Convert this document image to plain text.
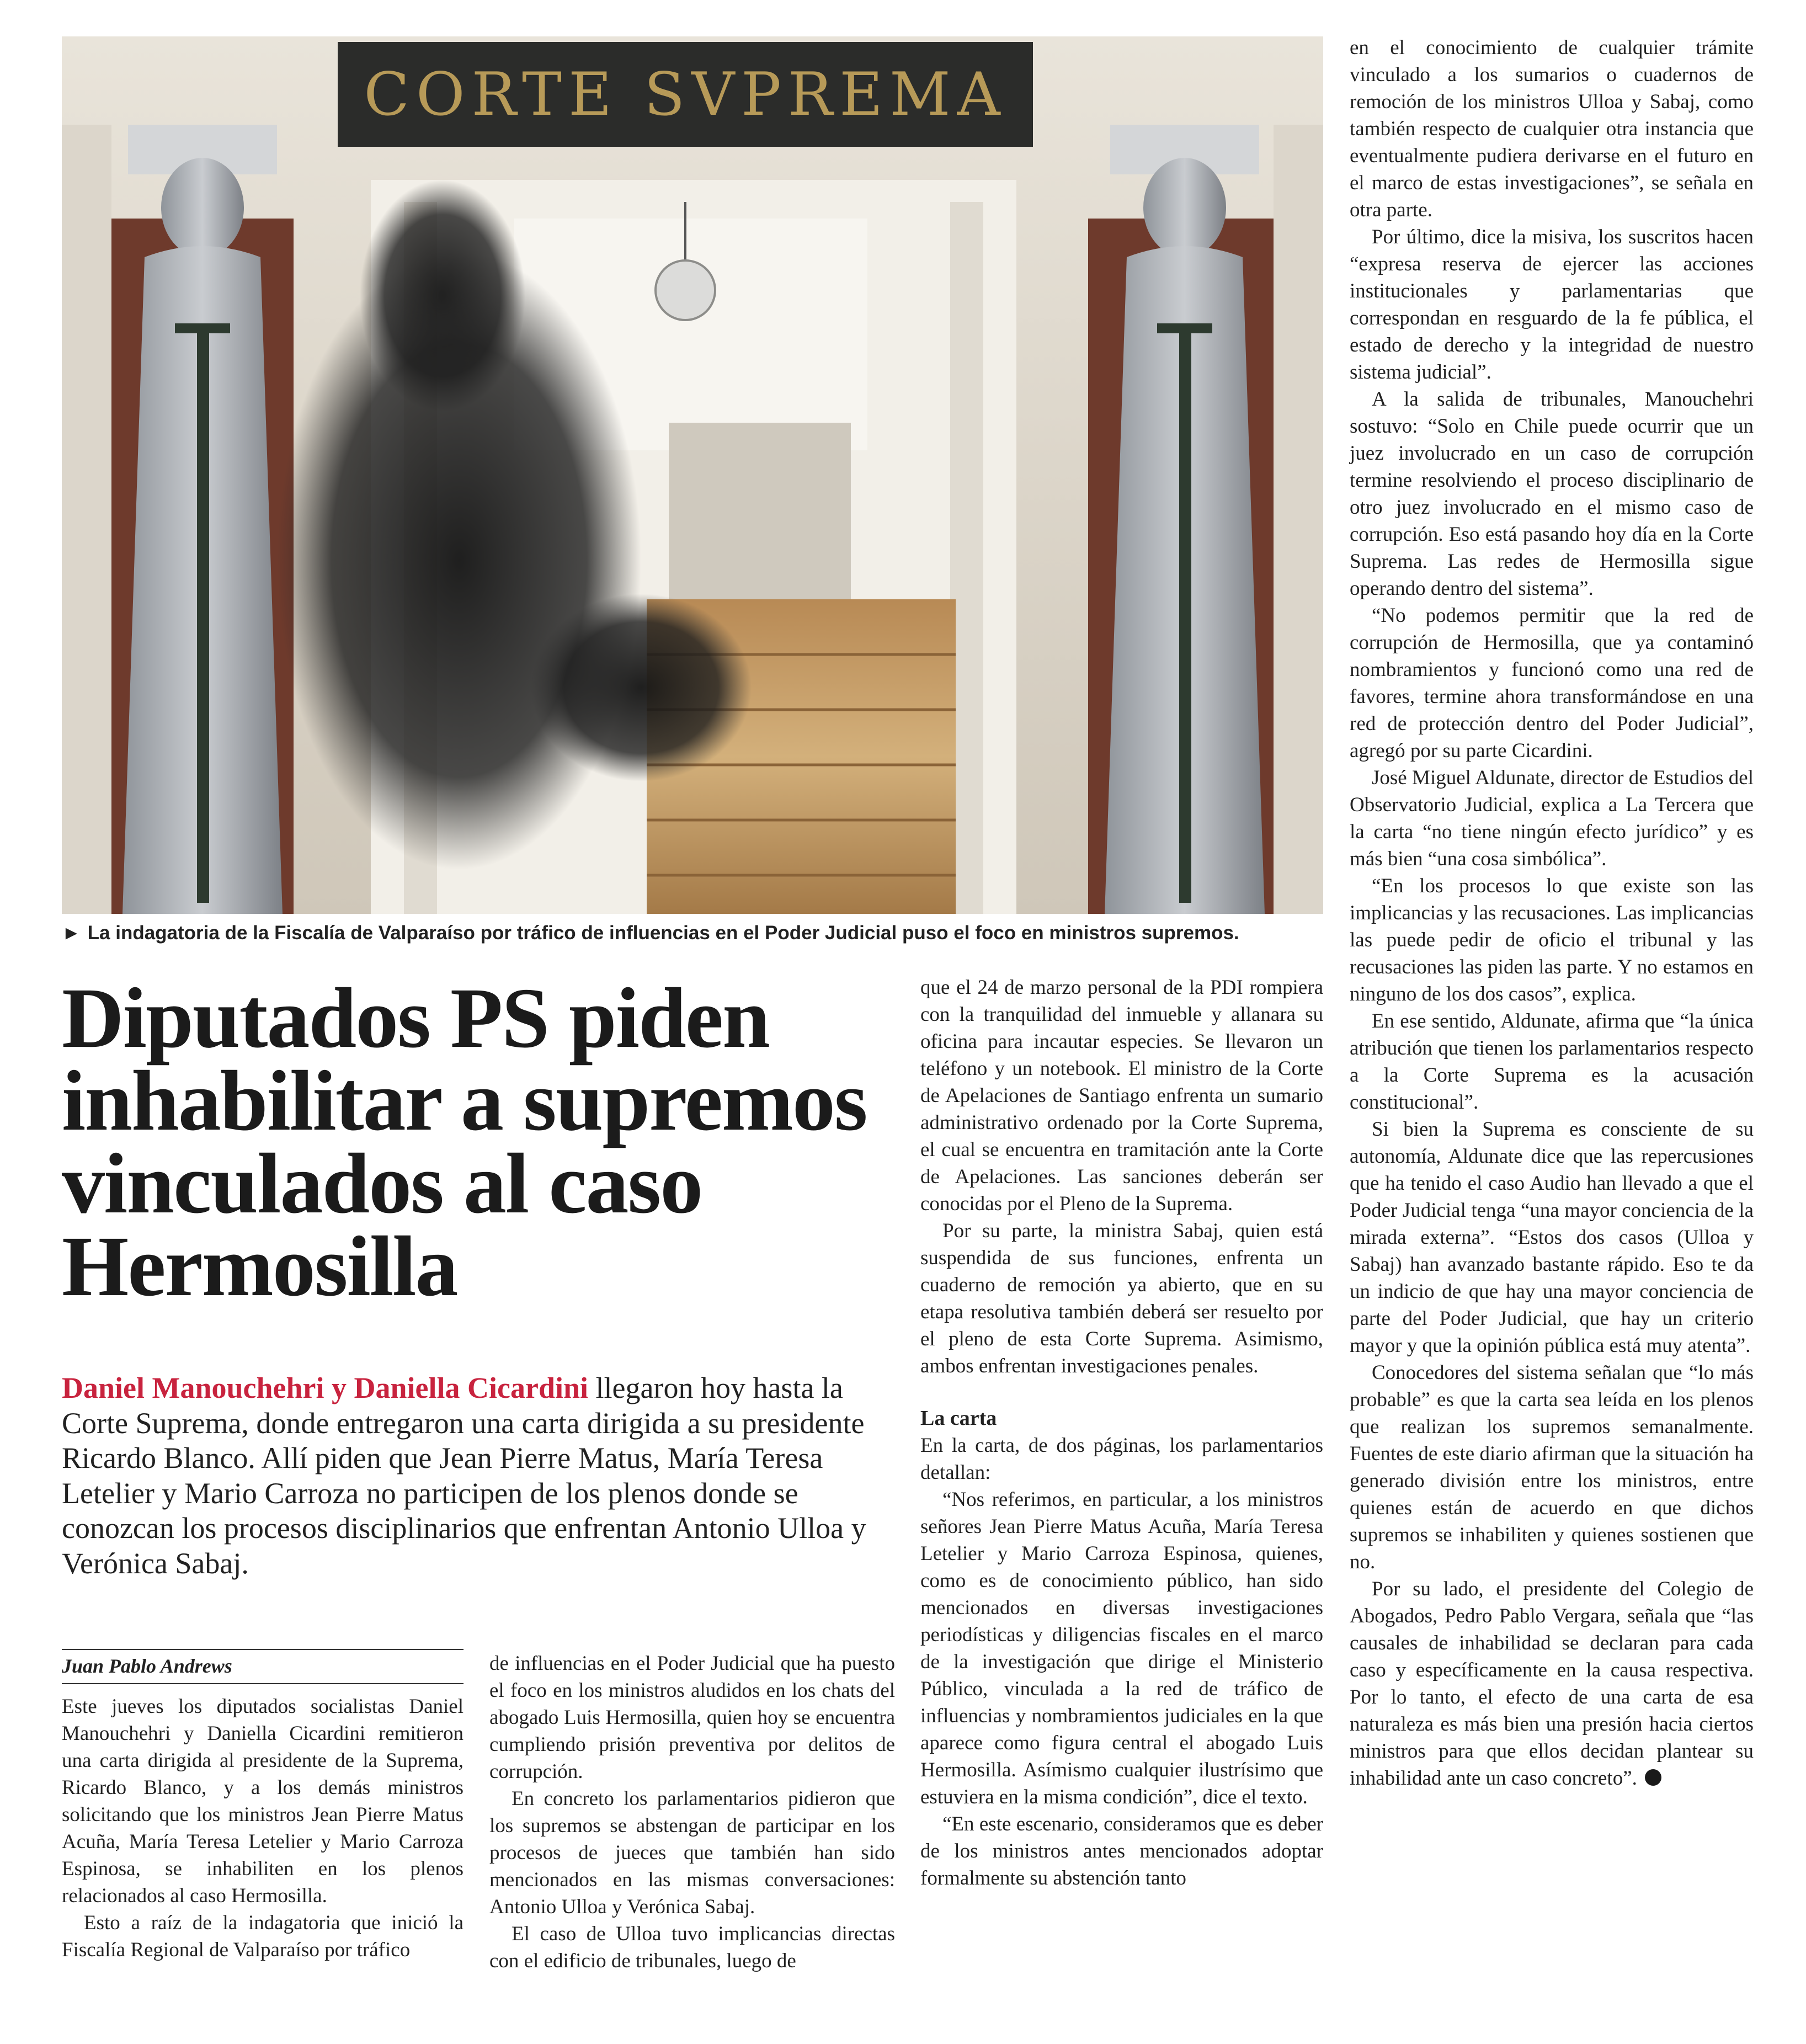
CORTE SVPREMA
► La indagatoria de la Fiscalía de Valparaíso por tráfico de influencias en el Poder Judicial puso el foco en ministros supremos.
Diputados PS piden inhabilitar a supremos vinculados al caso Hermosilla
Daniel Manouchehri y Daniella Cicardini llegaron hoy hasta la Corte Suprema, donde entregaron una carta dirigida a su presidente Ricardo Blanco. Allí piden que Jean Pierre Matus, María Teresa Letelier y Mario Carroza no participen de los plenos donde se conozcan los procesos disciplinarios que enfrentan Antonio Ulloa y Verónica Sabaj.
Juan Pablo Andrews

Este jueves los diputados socialistas Daniel Manouchehri y Daniella Cicardini remitieron una carta dirigida al presidente de la Suprema, Ricardo Blanco, y a los demás ministros solicitando que los ministros Jean Pierre Matus Acuña, María Teresa Letelier y Mario Carroza Espinosa, se inhabiliten en los plenos relacionados al caso Hermosilla.

Esto a raíz de la indagatoria que inició la Fiscalía Regional de Valparaíso por tráfico

de influencias en el Poder Judicial que ha puesto el foco en los ministros aludidos en los chats del abogado Luis Hermosilla, quien hoy se encuentra cumpliendo prisión preventiva por delitos de corrupción.

En concreto los parlamentarios pidieron que los supremos se abstengan de participar en los procesos de jueces que también han sido mencionados en las mismas conversaciones: Antonio Ulloa y Verónica Sabaj.

El caso de Ulloa tuvo implicancias directas con el edificio de tribunales, luego de

que el 24 de marzo personal de la PDI rompiera con la tranquilidad del inmueble y allanara su oficina para incautar especies. Se llevaron un teléfono y un notebook. El ministro de la Corte de Apelaciones de Santiago enfrenta un sumario administrativo ordenado por la Corte Suprema, el cual se encuentra en tramitación ante la Corte de Apelaciones. Las sanciones deberán ser conocidas por el Pleno de la Suprema.

Por su parte, la ministra Sabaj, quien está suspendida de sus funciones, enfrenta un cuaderno de remoción ya abierto, que en su etapa resolutiva también deberá ser resuelto por el pleno de esta Corte Suprema. Asimismo, ambos enfrentan investigaciones penales.

La carta

En la carta, de dos páginas, los parlamentarios detallan:

“Nos referimos, en particular, a los ministros señores Jean Pierre Matus Acuña, María Teresa Letelier y Mario Carroza Espinosa, quienes, como es de conocimiento público, han sido mencionados en diversas investigaciones periodísticas y diligencias fiscales en el marco de la investigación que dirige el Ministerio Público, vinculada a la red de tráfico de influencias y nombramientos judiciales en la que aparece como figura central el abogado Luis Hermosilla. Asímismo cualquier ilustrísimo que estuviera en la misma condición”, dice el texto.

“En este escenario, consideramos que es deber de los ministros antes mencionados adoptar formalmente su abstención tanto

en el conocimiento de cualquier trámite vinculado a los sumarios o cuadernos de remoción de los ministros Ulloa y Sabaj, como también respecto de cualquier otra instancia que eventualmente pudiera derivarse en el futuro en el marco de estas investigaciones”, se señala en otra parte.

Por último, dice la misiva, los suscritos hacen “expresa reserva de ejercer las acciones institucionales y parlamentarias que correspondan en resguardo de la fe pública, el estado de derecho y la integridad de nuestro sistema judicial”.

A la salida de tribunales, Manouchehri sostuvo: “Solo en Chile puede ocurrir que un juez involucrado en un caso de corrupción termine resolviendo el proceso disciplinario de otro juez involucrado en el mismo caso de corrupción. Eso está pasando hoy día en la Corte Suprema. Las redes de Hermosilla sigue operando dentro del sistema”.

“No podemos permitir que la red de corrupción de Hermosilla, que ya contaminó nombramientos y funcionó como una red de favores, termine ahora transformándose en una red de protección dentro del Poder Judicial”, agregó por su parte Cicardini.

José Miguel Aldunate, director de Estudios del Observatorio Judicial, explica a La Tercera que la carta “no tiene ningún efecto jurídico” y es más bien “una cosa simbólica”.

“En los procesos lo que existe son las implicancias y las recusaciones. Las implicancias las puede pedir de oficio el tribunal y las recusaciones las piden las parte. Y no estamos en ninguno de los dos casos”, explica.

En ese sentido, Aldunate, afirma que “la única atribución que tienen los parlamentarios respecto a la Corte Suprema es la acusación constitucional”.

Si bien la Suprema es consciente de su autonomía, Aldunate dice que las repercusiones que ha tenido el caso Audio han llevado a que el Poder Judicial tenga “una mayor conciencia de la mirada externa”. “Estos dos casos (Ulloa y Sabaj) han avanzado bastante rápido. Eso te da un indicio de que hay una mayor conciencia de parte del Poder Judicial, que hay un criterio mayor y que la opinión pública está muy atenta”.

Conocedores del sistema señalan que “lo más probable” es que la carta sea leída en los plenos que realizan los supremos semanalmente. Fuentes de este diario afirman que la situación ha generado división entre los ministros, entre quienes están de acuerdo en que dichos supremos se inhabiliten y quienes sostienen que no.

Por su lado, el presidente del Colegio de Abogados, Pedro Pablo Vergara, señala que “las causales de inhabilidad se declaran para cada caso y específicamente en la causa respectiva. Por lo tanto, el efecto de una carta de esa naturaleza es más bien una presión hacia ciertos ministros para que ellos decidan plantear su inhabilidad ante un caso concreto”.
